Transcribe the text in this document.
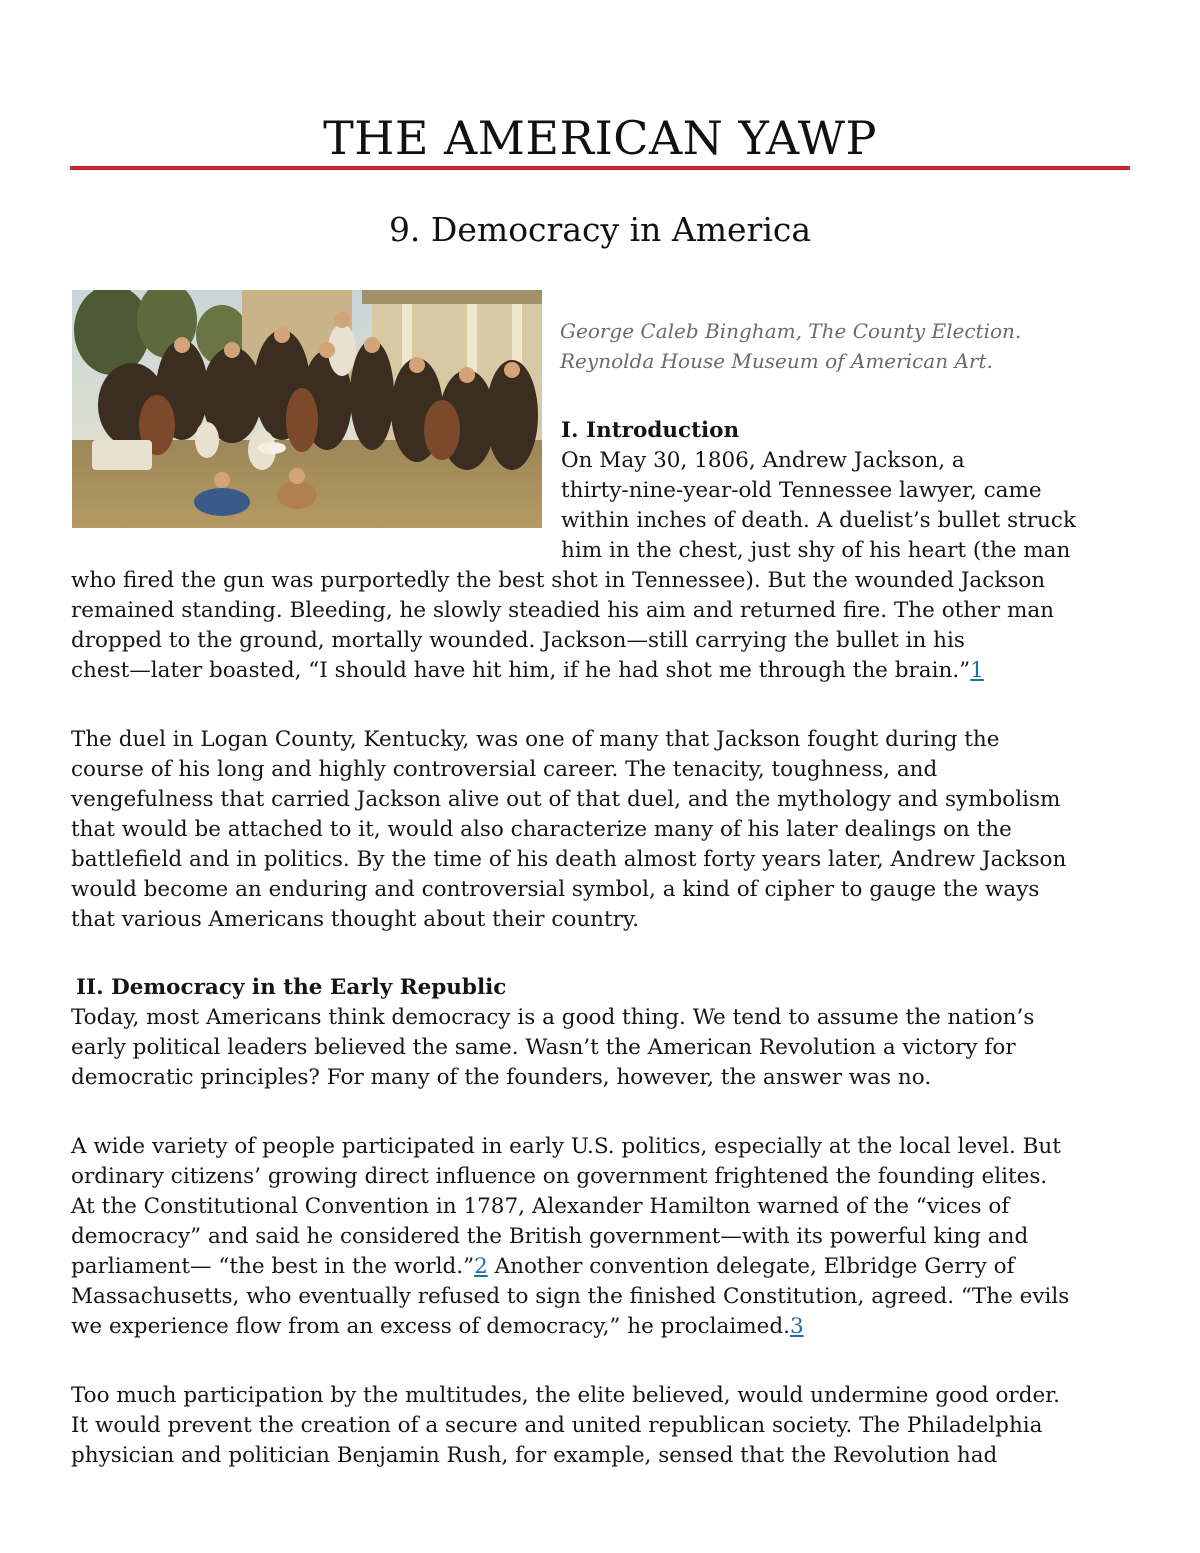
THE AMERICAN YAWP
9. Democracy in America
George Caleb Bingham, The County Election.
Reynolda House Museum of American Art.
I. Introduction
On May 30, 1806, Andrew Jackson, a
thirty-nine-year-old Tennessee lawyer, came
within inches of death. A duelist’s bullet struck
him in the chest, just shy of his heart (the man
who fired the gun was purportedly the best shot in Tennessee). But the wounded Jackson
remained standing. Bleeding, he slowly steadied his aim and returned fire. The other man
dropped to the ground, mortally wounded. Jackson—still carrying the bullet in his
chest—later boasted, “I should have hit him, if he had shot me through the brain.”1
The duel in Logan County, Kentucky, was one of many that Jackson fought during the
course of his long and highly controversial career. The tenacity, toughness, and
vengefulness that carried Jackson alive out of that duel, and the mythology and symbolism
that would be attached to it, would also characterize many of his later dealings on the
battlefield and in politics. By the time of his death almost forty years later, Andrew Jackson
would become an enduring and controversial symbol, a kind of cipher to gauge the ways
that various Americans thought about their country.
II. Democracy in the Early Republic
Today, most Americans think democracy is a good thing. We tend to assume the nation’s
early political leaders believed the same. Wasn’t the American Revolution a victory for
democratic principles? For many of the founders, however, the answer was no.
A wide variety of people participated in early U.S. politics, especially at the local level. But
ordinary citizens’ growing direct influence on government frightened the founding elites.
At the Constitutional Convention in 1787, Alexander Hamilton warned of the “vices of
democracy” and said he considered the British government—with its powerful king and
parliament— “the best in the world.”2 Another convention delegate, Elbridge Gerry of
Massachusetts, who eventually refused to sign the finished Constitution, agreed. “The evils
we experience flow from an excess of democracy,” he proclaimed.3
Too much participation by the multitudes, the elite believed, would undermine good order.
It would prevent the creation of a secure and united republican society. The Philadelphia
physician and politician Benjamin Rush, for example, sensed that the Revolution had
